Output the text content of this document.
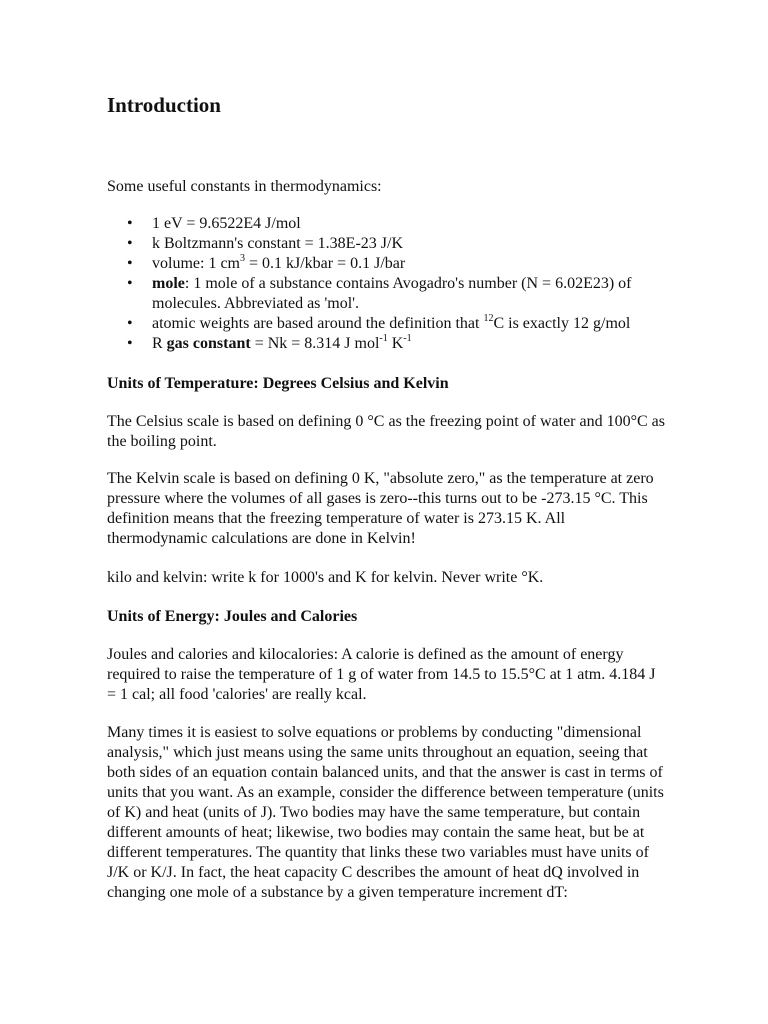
Introduction

Some useful constants in thermodynamics:

• 1 eV = 9.6522E4 J/mol
• k Boltzmann's constant = 1.38E-23 J/K
• volume: 1 $cm^3 = 0.1$ kJ/kbar = 0.1 J/bar
• mole: 1 mole of a substance contains Avogadro's number (N = 6.02E23) of molecules. Abbreviated as 'mol'.
• atomic weights are based around the definition that $^{12}$C is exactly 12 g/mol
• R gas constant = Nk = 8.314 J mol$^{-1}$ $K^{-1}$
Units of Temperature: Degrees Celsius and Kelvin

The Celsius scale is based on defining 0 °C as the freezing point of water and 100°C as the boiling point.

The Kelvin scale is based on defining 0 K, "absolute zero," as the temperature at zero pressure where the volumes of all gases is zero--this turns out to be -273.15 °C. This definition means that the freezing temperature of water is 273.15 K. All thermodynamic calculations are done in Kelvin!

kilo and kelvin: write k for 1000's and K for kelvin. Never write °K.

Units of Energy: Joules and Calories

Joules and calories and kilocalories: A calorie is defined as the amount of energy required to raise the temperature of 1 g of water from 14.5 to 15.5°C at 1 atm. 4.184 J = 1 cal; all food 'calories' are really kcal.

Many times it is easiest to solve equations or problems by conducting "dimensional analysis," which just means using the same units throughout an equation, seeing that both sides of an equation contain balanced units, and that the answer is cast in terms of units that you want. As an example, consider the difference between temperature (units of K) and heat (units of J). Two bodies may have the same temperature, but contain different amounts of heat; likewise, two bodies may contain the same heat, but be at different temperatures. The quantity that links these two variables must have units of J/K or K/J. In fact, the heat capacity C describes the amount of heat dQ involved in changing one mole of a substance by a given temperature increment dT:
